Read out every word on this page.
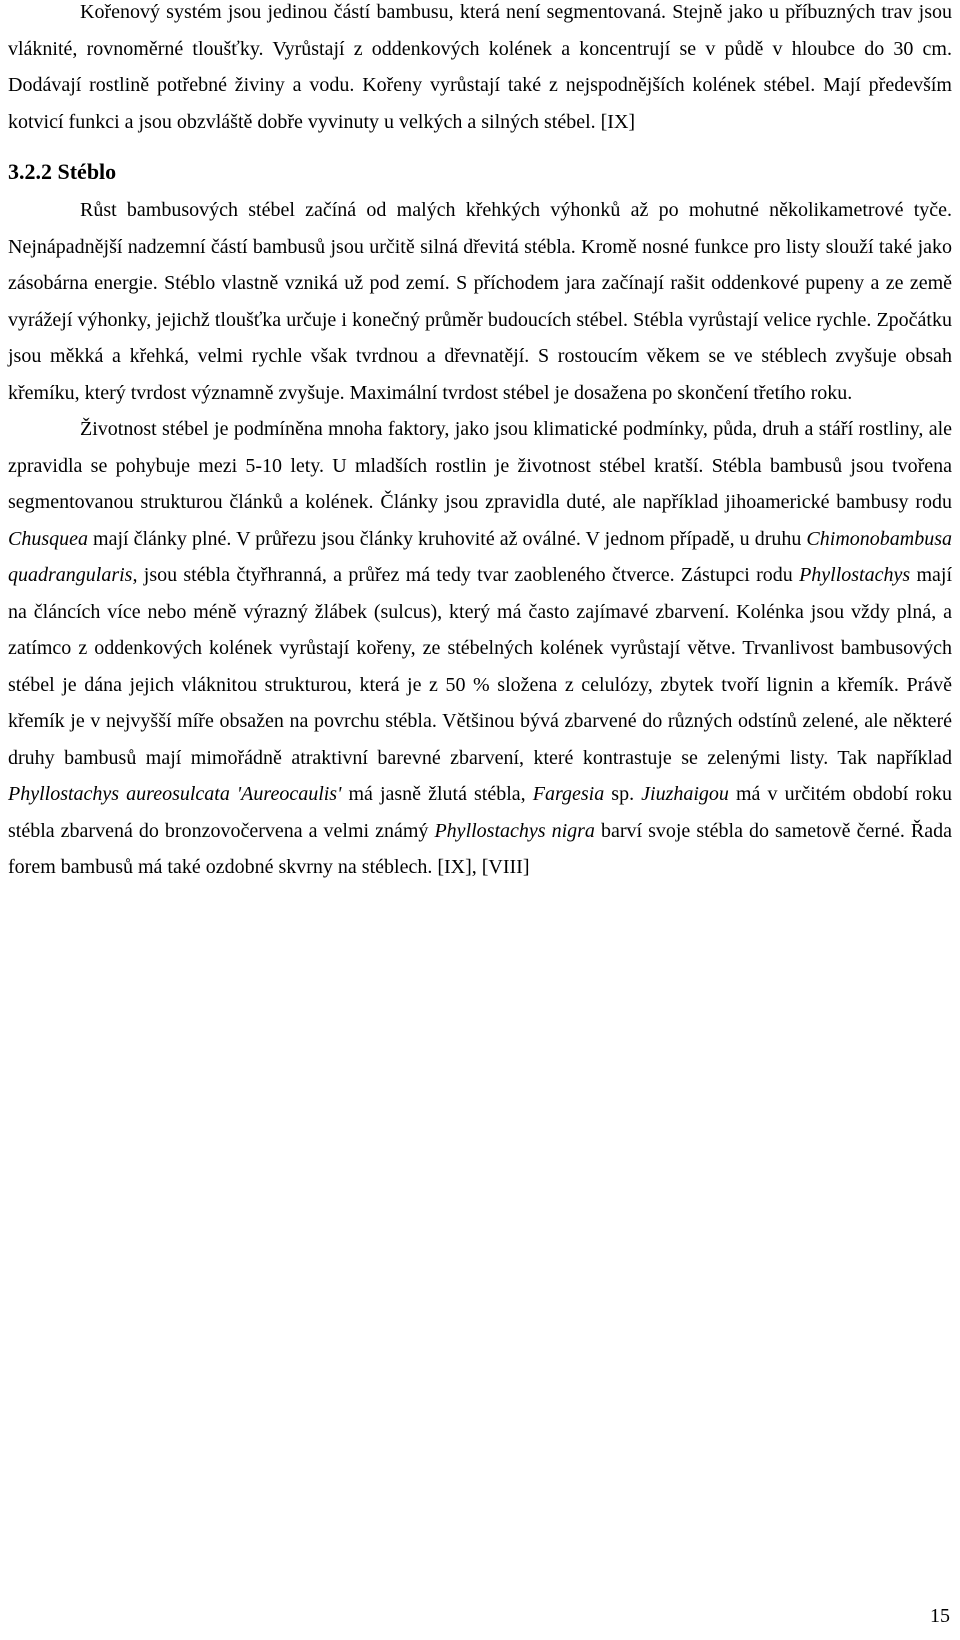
Kořenový systém jsou jedinou částí bambusu, která není segmentovaná. Stejně jako u příbuzných trav jsou vláknité, rovnoměrné tloušťky. Vyrůstají z oddenkových kolének a koncentrují se v půdě v hloubce do 30 cm. Dodávají rostlině potřebné živiny a vodu. Kořeny vyrůstají také z nejspodnějších kolének stébel. Mají především kotvicí funkci a jsou obzvláště dobře vyvinuty u velkých a silných stébel. [IX]

3.2.2 Stéblo

Růst bambusových stébel začíná od malých křehkých výhonků až po mohutné několikametrové tyče. Nejnápadnější nadzemní částí bambusů jsou určitě silná dřevitá stébla. Kromě nosné funkce pro listy slouží také jako zásobárna energie. Stéblo vlastně vzniká už pod zemí. S příchodem jara začínají rašit oddenkové pupeny a ze země vyrážejí výhonky, jejichž tloušťka určuje i konečný průměr budoucích stébel. Stébla vyrůstají velice rychle. Zpočátku jsou měkká a křehká, velmi rychle však tvrdnou a dřevnatějí. S rostoucím věkem se ve stéblech zvyšuje obsah křemíku, který tvrdost významně zvyšuje. Maximální tvrdost stébel je dosažena po skončení třetího roku.

Životnost stébel je podmíněna mnoha faktory, jako jsou klimatické podmínky, půda, druh a stáří rostliny, ale zpravidla se pohybuje mezi 5-10 lety. U mladších rostlin je životnost stébel kratší. Stébla bambusů jsou tvořena segmentovanou strukturou článků a kolének. Články jsou zpravidla duté, ale například jihoamerické bambusy rodu Chusquea mají články plné. V průřezu jsou články kruhovité až oválné. V jednom případě, u druhu Chimonobambusa quadrangularis, jsou stébla čtyřhranná, a průřez má tedy tvar zaobleného čtverce. Zástupci rodu Phyllostachys mají na článcích více nebo méně výrazný žlábek (sulcus), který má často zajímavé zbarvení. Kolénka jsou vždy plná, a zatímco z oddenkových kolének vyrůstají kořeny, ze stébelných kolének vyrůstají větve. Trvanlivost bambusových stébel je dána jejich vláknitou strukturou, která je z 50 % složena z celulózy, zbytek tvoří lignin a křemík. Právě křemík je v nejvyšší míře obsažen na povrchu stébla. Většinou bývá zbarvené do různých odstínů zelené, ale některé druhy bambusů mají mimořádně atraktivní barevné zbarvení, které kontrastuje se zelenými listy. Tak například Phyllostachys aureosulcata 'Aureocaulis' má jasně žlutá stébla, Fargesia sp. Jiuzhaigou má v určitém období roku stébla zbarvená do bronzovočervena a velmi známý Phyllostachys nigra barví svoje stébla do sametově černé. Řada forem bambusů má také ozdobné skvrny na stéblech. [IX], [VIII]

15
